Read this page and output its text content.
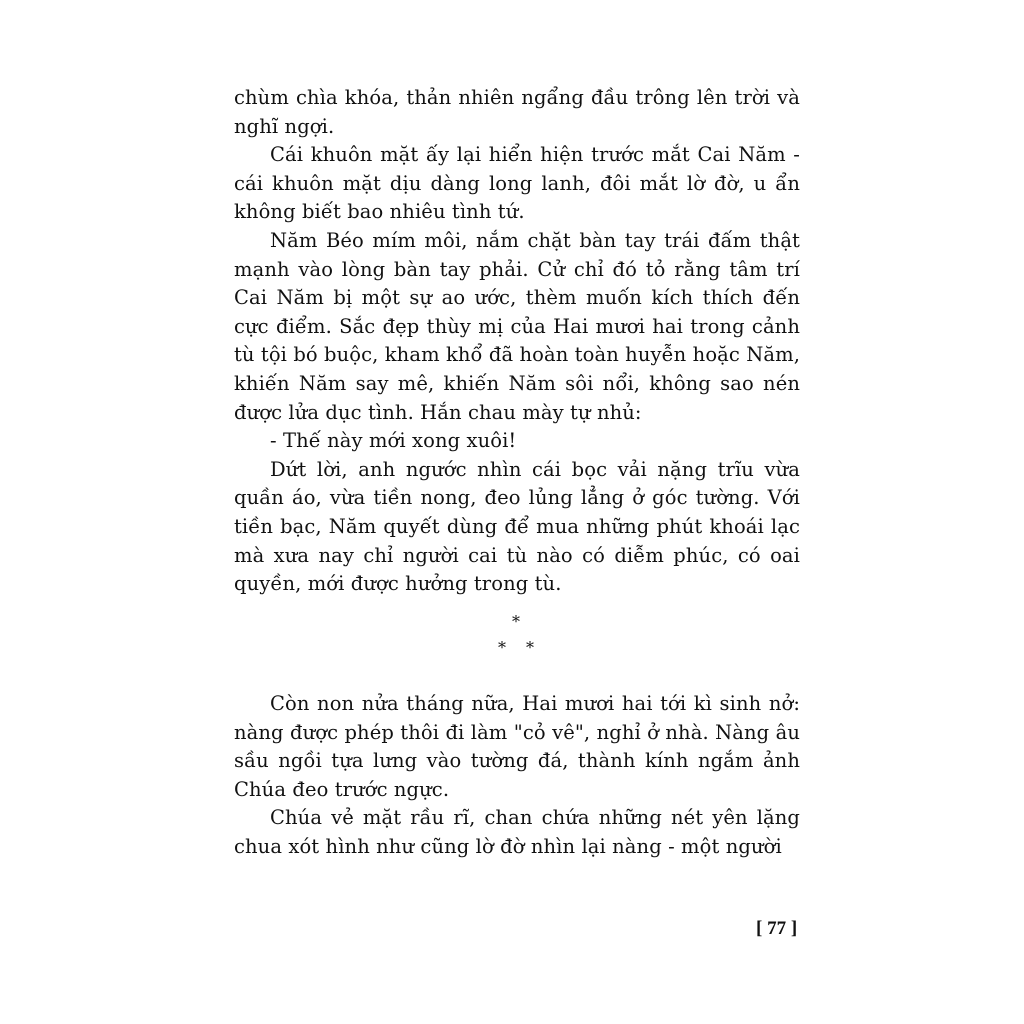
chùm chìa khóa, thản nhiên ngẩng đầu trông lên trời và nghĩ ngợi.

Cái khuôn mặt ấy lại hiển hiện trước mắt Cai Năm - cái khuôn mặt dịu dàng long lanh, đôi mắt lờ đờ, u ẩn không biết bao nhiêu tình tứ.

Năm Béo mím môi, nắm chặt bàn tay trái đấm thật mạnh vào lòng bàn tay phải. Cử chỉ đó tỏ rằng tâm trí Cai Năm bị một sự ao ước, thèm muốn kích thích đến cực điểm. Sắc đẹp thùy mị của Hai mươi hai trong cảnh tù tội bó buộc, kham khổ đã hoàn toàn huyễn hoặc Năm, khiến Năm say mê, khiến Năm sôi nổi, không sao nén được lửa dục tình. Hắn chau mày tự nhủ:

- Thế này mới xong xuôi!

Dứt lời, anh ngước nhìn cái bọc vải nặng trĩu vừa quần áo, vừa tiền nong, đeo lủng lẳng ở góc tường. Với tiền bạc, Năm quyết dùng để mua những phút khoái lạc mà xưa nay chỉ người cai tù nào có diễm phúc, có oai quyền, mới được hưởng trong tù.

*
* *

Còn non nửa tháng nữa, Hai mươi hai tới kì sinh nở: nàng được phép thôi đi làm "cỏ vê", nghỉ ở nhà. Nàng âu sầu ngồi tựa lưng vào tường đá, thành kính ngắm ảnh Chúa đeo trước ngực.

Chúa vẻ mặt rầu rĩ, chan chứa những nét yên lặng chua xót hình như cũng lờ đờ nhìn lại nàng - một người

[ 77 ]
